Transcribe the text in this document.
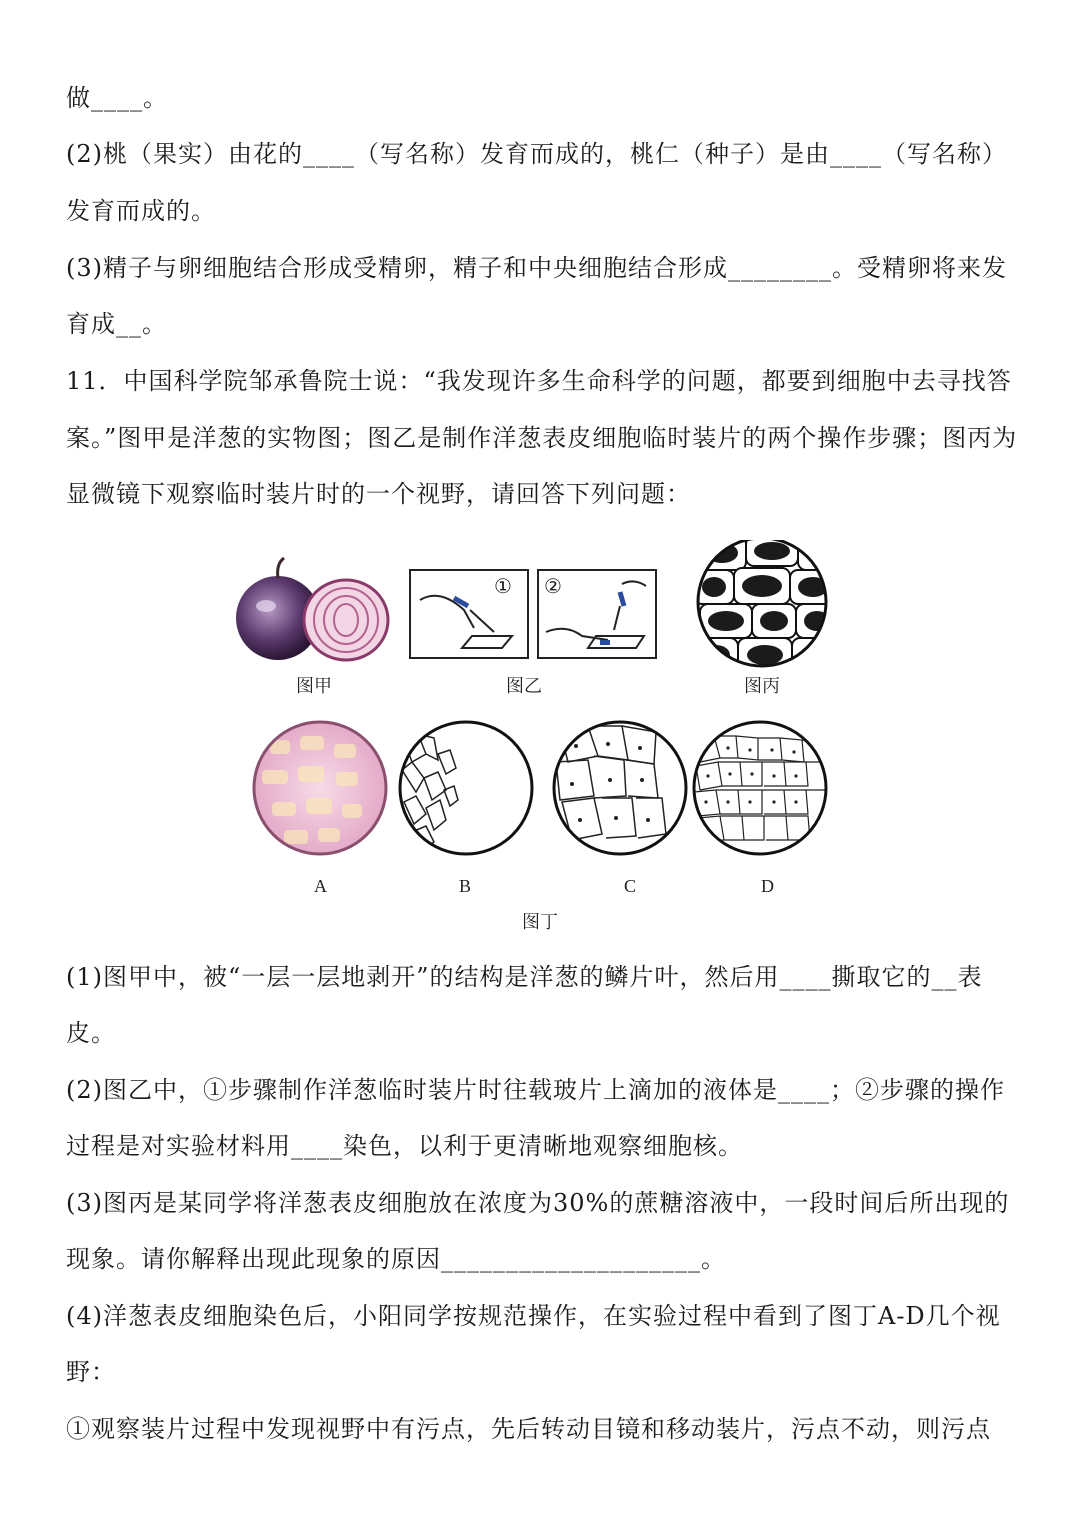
做____。
(2)桃（果实）由花的____（写名称）发育而成的，桃仁（种子）是由____（写名称）
发育而成的。
(3)精子与卵细胞结合形成受精卵，精子和中央细胞结合形成________。受精卵将来发
育成__。
11．中国科学院邹承鲁院士说：“我发现许多生命科学的问题，都要到细胞中去寻找答
案。”图甲是洋葱的实物图；图乙是制作洋葱表皮细胞临时装片的两个操作步骤；图丙为
显微镜下观察临时装片时的一个视野，请回答下列问题：
① ②
图甲	图乙	图丙
A	B	C	D
图丁
(1)图甲中，被“一层一层地剥开”的结构是洋葱的鳞片叶，然后用____撕取它的__表
皮。
(2)图乙中，①步骤制作洋葱临时装片时往载玻片上滴加的液体是____；②步骤的操作
过程是对实验材料用____染色，以利于更清晰地观察细胞核。
(3)图丙是某同学将洋葱表皮细胞放在浓度为30%的蔗糖溶液中，一段时间后所出现的
现象。请你解释出现此现象的原因____________________。
(4)洋葱表皮细胞染色后，小阳同学按规范操作，在实验过程中看到了图丁A-D几个视
野：
①观察装片过程中发现视野中有污点，先后转动目镜和移动装片，污点不动，则污点
